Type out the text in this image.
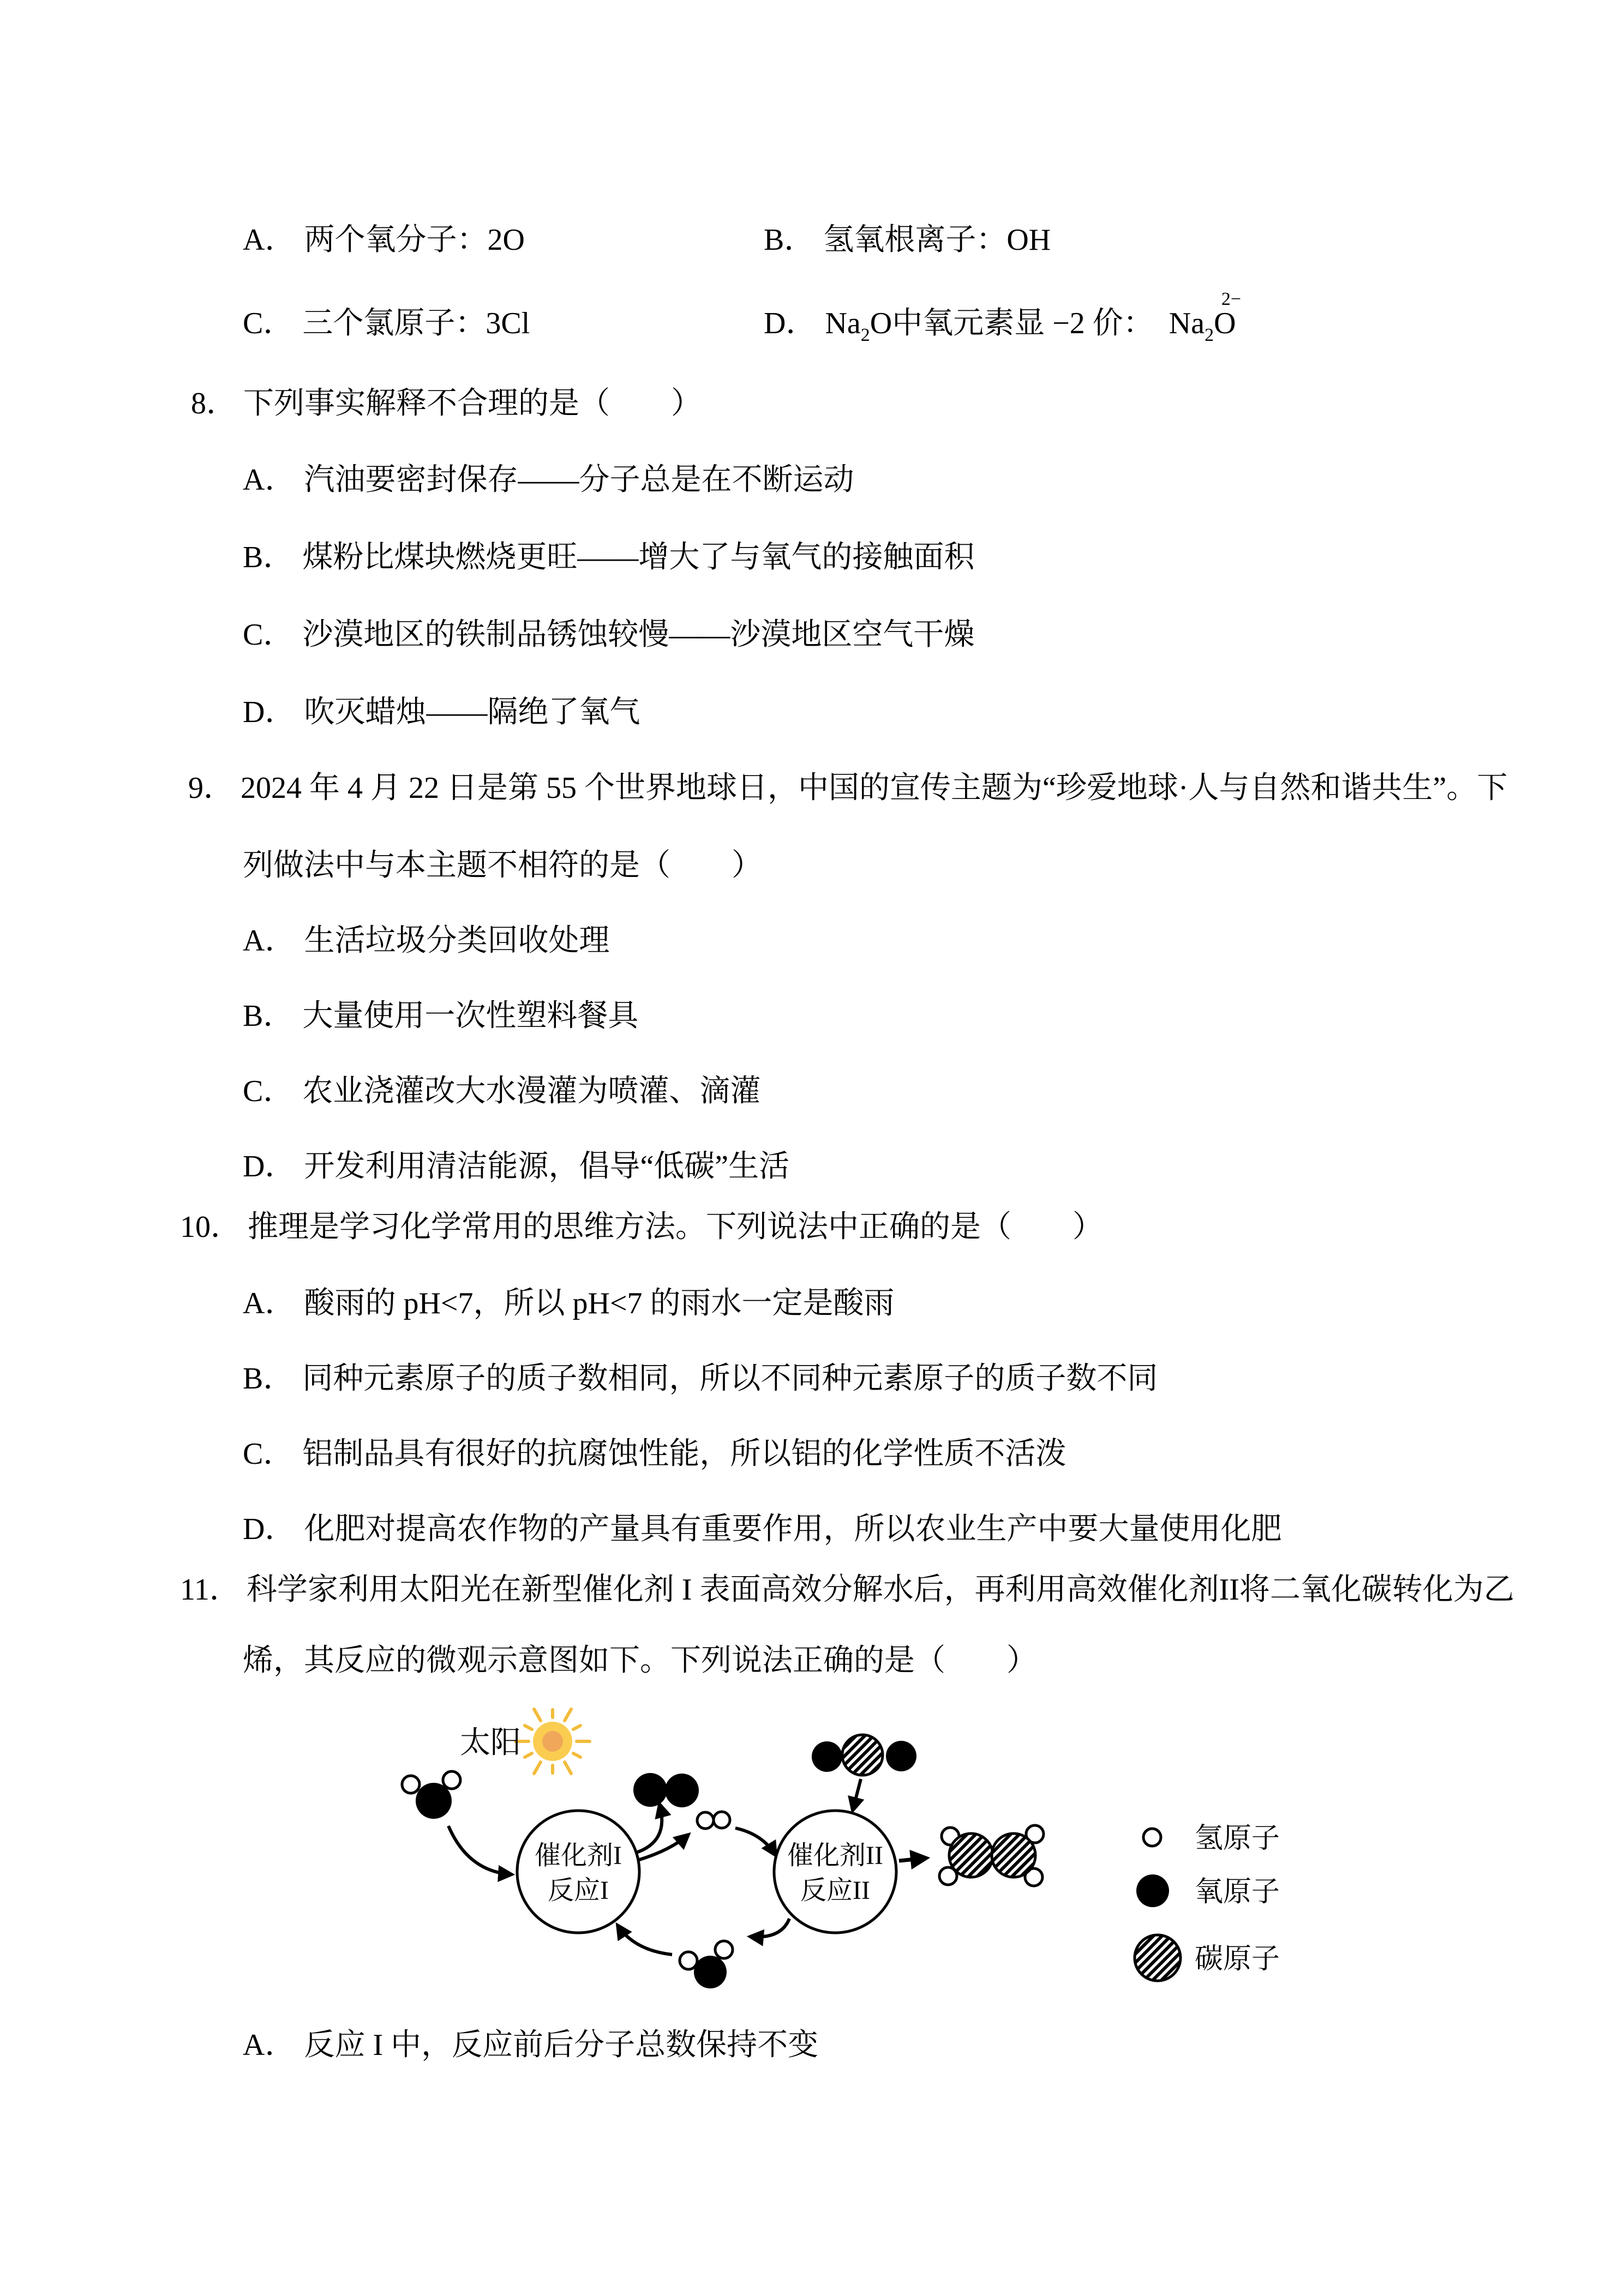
A． 两个氧分子：2O	B． 氢氧根离子：OH
C． 三个氯原子：3Cl	D． $Na_2O$中氧元素显 −2 价： $Na_2$
2−
O
8． 下列事实解释不合理的是（　　）
A． 汽油要密封保存——分子总是在不断运动
B． 煤粉比煤块燃烧更旺——增大了与氧气的接触面积
C． 沙漠地区的铁制品锈蚀较慢——沙漠地区空气干燥
D． 吹灭蜡烛——隔绝了氧气
9． 2024 年 4 月 22 日是第 55 个世界地球日，中国的宣传主题为“珍爱地球·人与自然和谐共生”。下
列做法中与本主题不相符的是（　　）
A． 生活垃圾分类回收处理
B． 大量使用一次性塑料餐具
C． 农业浇灌改大水漫灌为喷灌、滴灌
D． 开发利用清洁能源，倡导“低碳”生活
10． 推理是学习化学常用的思维方法。下列说法中正确的是（　　）
A． 酸雨的 pH<7，所以 pH<7 的雨水一定是酸雨
B． 同种元素原子的质子数相同，所以不同种元素原子的质子数不同
C． 铝制品具有很好的抗腐蚀性能，所以铝的化学性质不活泼
D． 化肥对提高农作物的产量具有重要作用，所以农业生产中要大量使用化肥
11． 科学家利用太阳光在新型催化剂 I 表面高效分解水后，再利用高效催化剂II将二氧化碳转化为乙
烯，其反应的微观示意图如下。下列说法正确的是（　　）
太阳
催化剂I
反应I
催化剂II
反应II
氢原子
氧原子
碳原子
A． 反应 I 中，反应前后分子总数保持不变
